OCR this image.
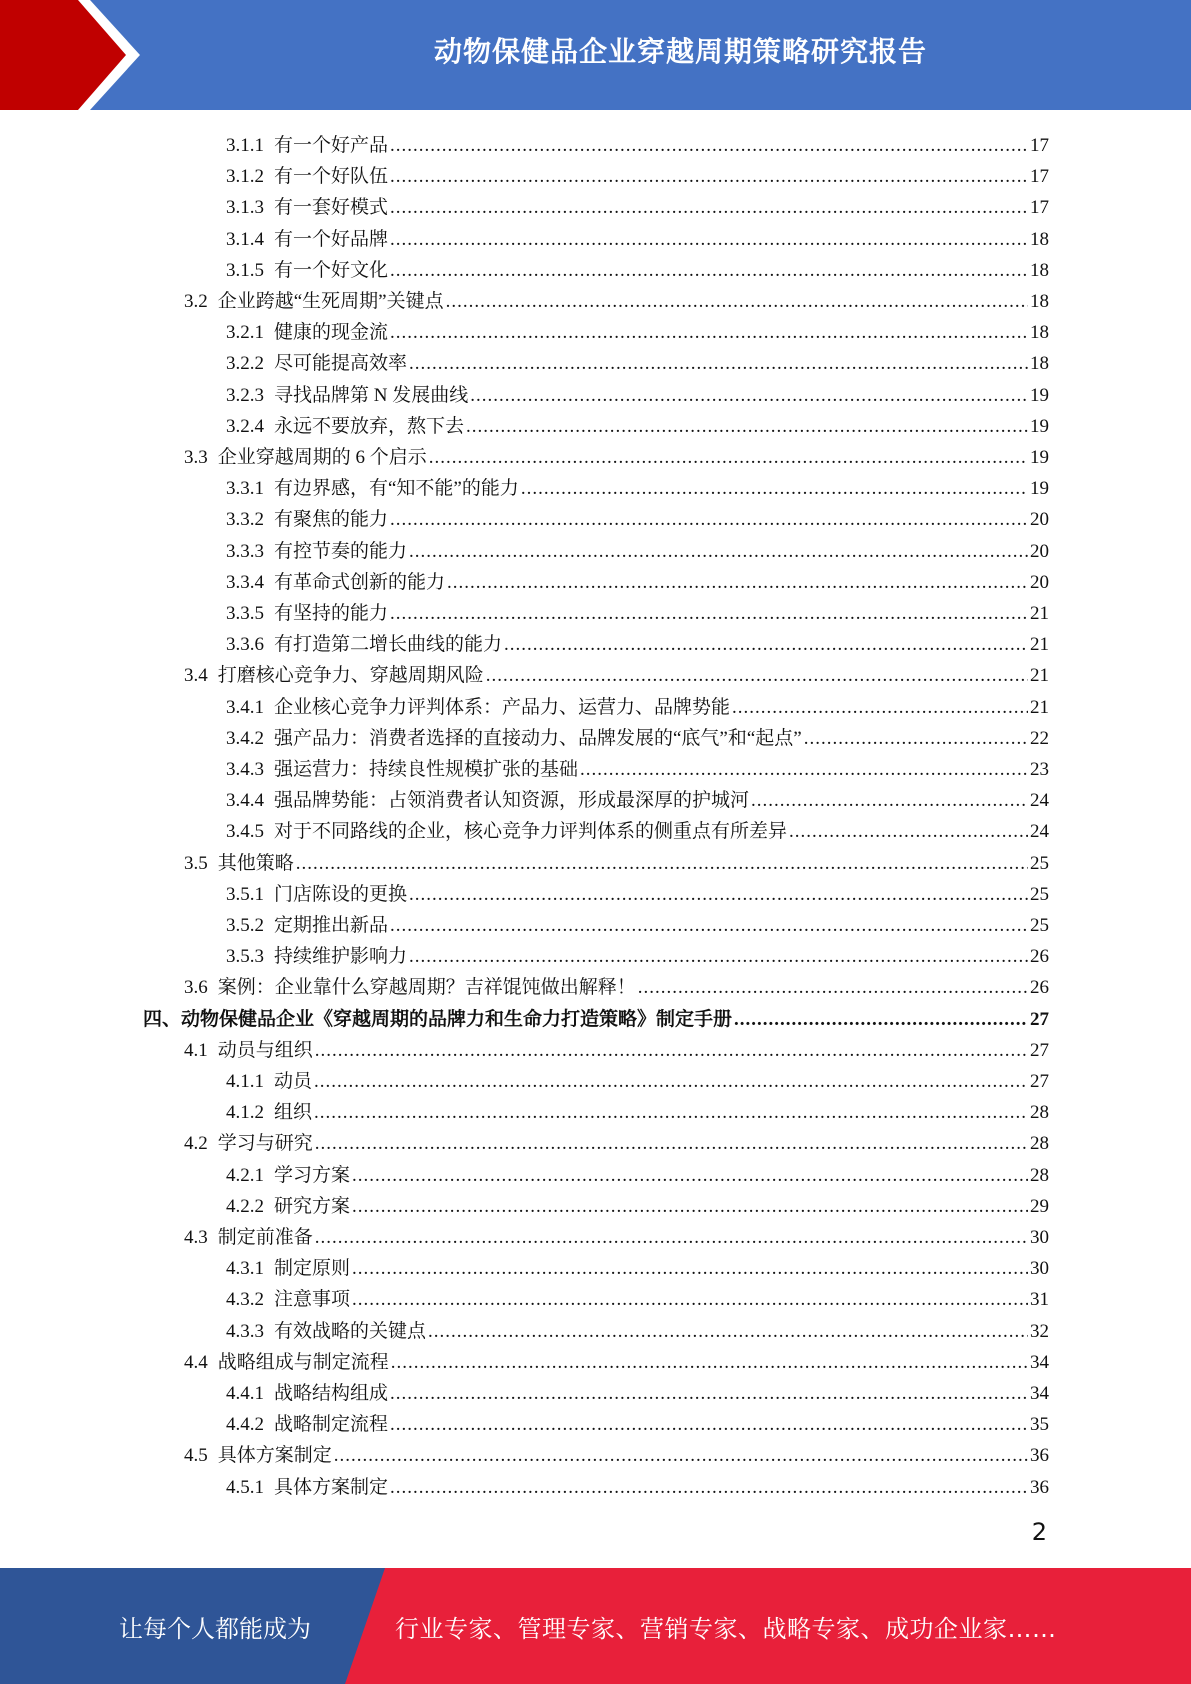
动物保健品企业穿越周期策略研究报告
3.1.1 有一个好产品 .....	17
3.1.2 有一个好队伍 .....	17
3.1.3 有一套好模式 .....	17
3.1.4 有一个好品牌 .....	18
3.1.5 有一个好文化 .....	18
3.2 企业跨越“生死周期”关键点 .....	18
3.2.1 健康的现金流 .....	18
3.2.2 尽可能提高效率 .....	18
3.2.3 寻找品牌第 N 发展曲线 .....	19
3.2.4 永远不要放弃，熬下去 .....	19
3.3 企业穿越周期的 6 个启示 .....	19
3.3.1 有边界感，有“知不能”的能力 .....	19
3.3.2 有聚焦的能力 .....	20
3.3.3 有控节奏的能力 .....	20
3.3.4 有革命式创新的能力 .....	20
3.3.5 有坚持的能力 .....	21
3.3.6 有打造第二增长曲线的能力 .....	21
3.4 打磨核心竞争力、穿越周期风险 .....	21
3.4.1 企业核心竞争力评判体系：产品力、运营力、品牌势能 .....	21
3.4.2 强产品力：消费者选择的直接动力、品牌发展的“底气”和“起点” .....	22
3.4.3 强运营力：持续良性规模扩张的基础 .....	23
3.4.4 强品牌势能：占领消费者认知资源，形成最深厚的护城河 .....	24
3.4.5 对于不同路线的企业，核心竞争力评判体系的侧重点有所差异 .....	24
3.5 其他策略 .....	25
3.5.1 门店陈设的更换 .....	25
3.5.2 定期推出新品 .....	25
3.5.3 持续维护影响力 .....	26
3.6 案例：企业靠什么穿越周期？吉祥馄饨做出解释！ .....	26
四、动物保健品企业《穿越周期的品牌力和生命力打造策略》制定手册 .....	27
4.1 动员与组织 .....	27
4.1.1 动员 .....	27
4.1.2 组织 .....	28
4.2 学习与研究 .....	28
4.2.1 学习方案 .....	28
4.2.2 研究方案 .....	29
4.3 制定前准备 .....	30
4.3.1 制定原则 .....	30
4.3.2 注意事项 .....	31
4.3.3 有效战略的关键点 .....	32
4.4 战略组成与制定流程 .....	34
4.4.1 战略结构组成 .....	34
4.4.2 战略制定流程 .....	35
4.5 具体方案制定 .....	36
4.5.1 具体方案制定 .....	36
2
让每个人都能成为	行业专家、管理专家、营销专家、战略专家、成功企业家……
